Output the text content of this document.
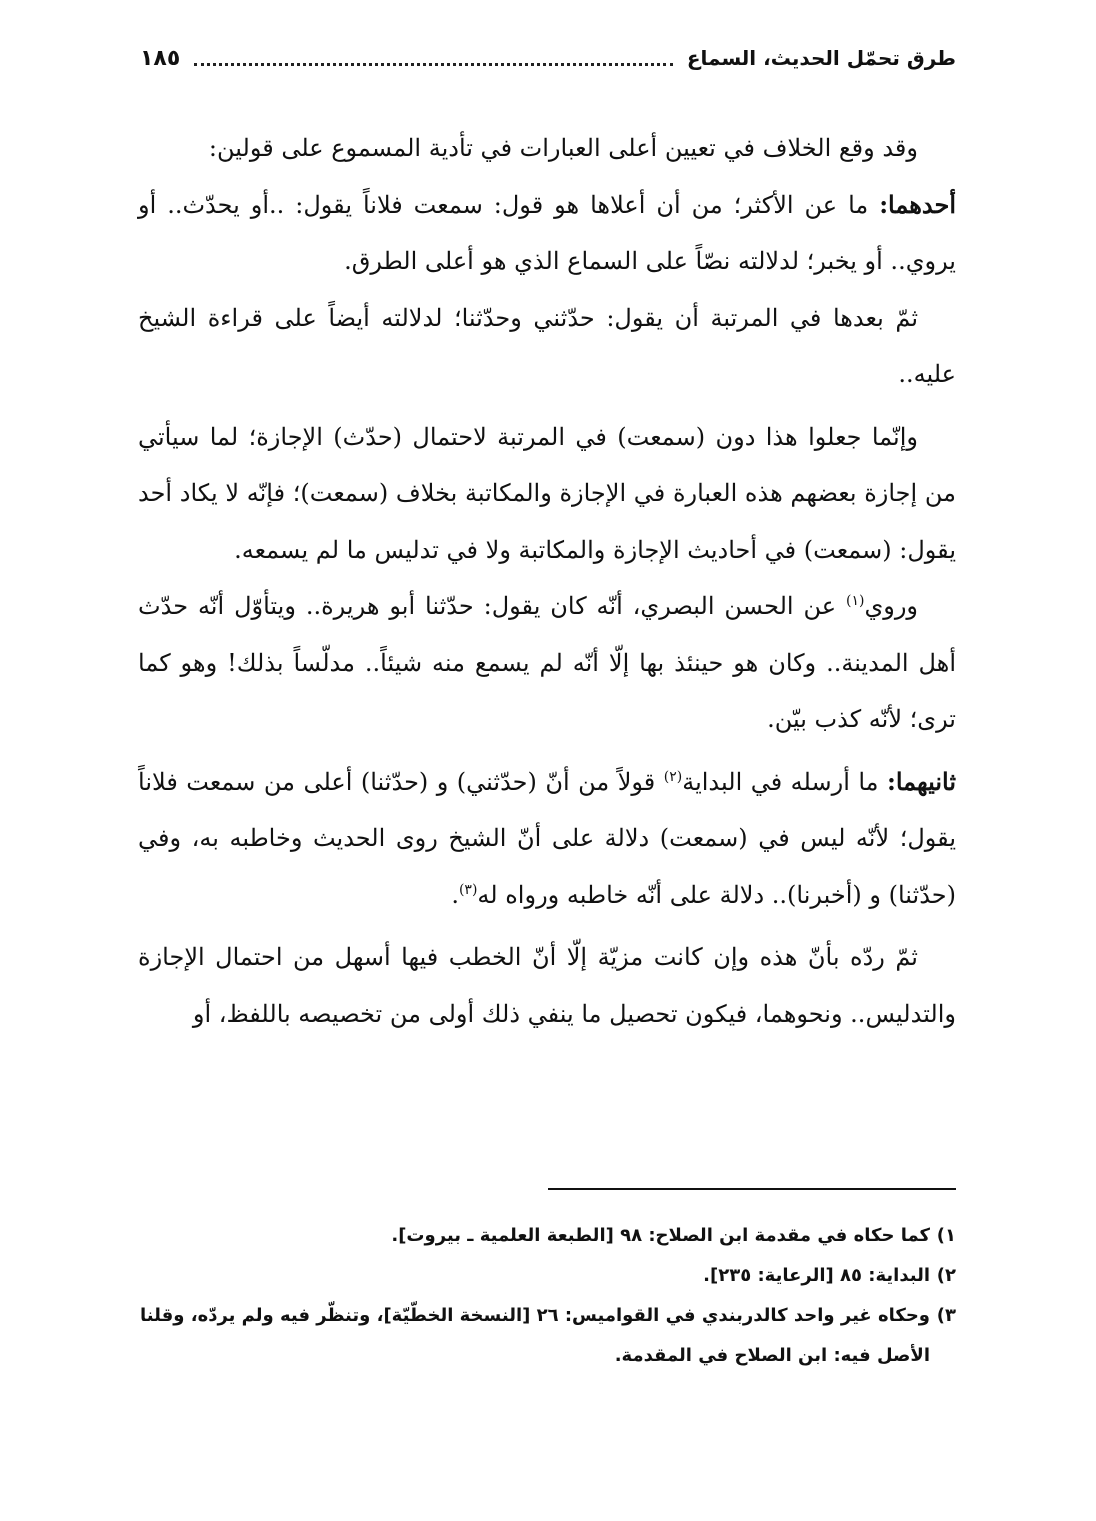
طرق تحمّل الحديث، السماع
١٨٥

وقد وقع الخلاف في تعيين أعلى العبارات في تأدية المسموع على قولين:

أحدهما: ما عن الأكثر؛ من أن أعلاها هو قول: سمعت فلاناً يقول: ..أو يحدّث.. أو يروي.. أو يخبر؛ لدلالته نصّاً على السماع الذي هو أعلى الطرق.

ثمّ بعدها في المرتبة أن يقول: حدّثني وحدّثنا؛ لدلالته أيضاً على قراءة الشيخ عليه..

وإنّما جعلوا هذا دون (سمعت) في المرتبة لاحتمال (حدّث) الإجازة؛ لما سيأتي من إجازة بعضهم هذه العبارة في الإجازة والمكاتبة بخلاف (سمعت)؛ فإنّه لا يكاد أحد يقول: (سمعت) في أحاديث الإجازة والمكاتبة ولا في تدليس ما لم يسمعه.

وروي$^{(١)}$ عن الحسن البصري، أنّه كان يقول: حدّثنا أبو هريرة.. ويتأوّل أنّه حدّث أهل المدينة.. وكان هو حينئذ بها إلّا أنّه لم يسمع منه شيئاً.. مدلّساً بذلك! وهو كما ترى؛ لأنّه كذب بيّن.

ثانيهما: ما أرسله في البداية$^{(٢)}$ قولاً من أنّ (حدّثني) و (حدّثنا) أعلى من سمعت فلاناً يقول؛ لأنّه ليس في (سمعت) دلالة على أنّ الشيخ روى الحديث وخاطبه به، وفي (حدّثنا) و (أخبرنا).. دلالة على أنّه خاطبه ورواه له$^{(٣)}$.

ثمّ ردّه بأنّ هذه وإن كانت مزيّة إلّا أنّ الخطب فيها أسهل من احتمال الإجازة والتدليس.. ونحوهما، فيكون تحصيل ما ينفي ذلك أولى من تخصيصه باللفظ، أو

١ )
كما حكاه في مقدمة ابن الصلاح: ٩٨ [الطبعة العلمية ـ بيروت].
٢ )
البداية: ٨٥ [الرعاية: ٢٣٥].
٣ )
وحكاه غير واحد كالدربندي في القواميس: ٢٦ [النسخة الخطّيّة]، وتنظّر فيه ولم يردّه، وقلنا الأصل فيه: ابن الصلاح في المقدمة.
